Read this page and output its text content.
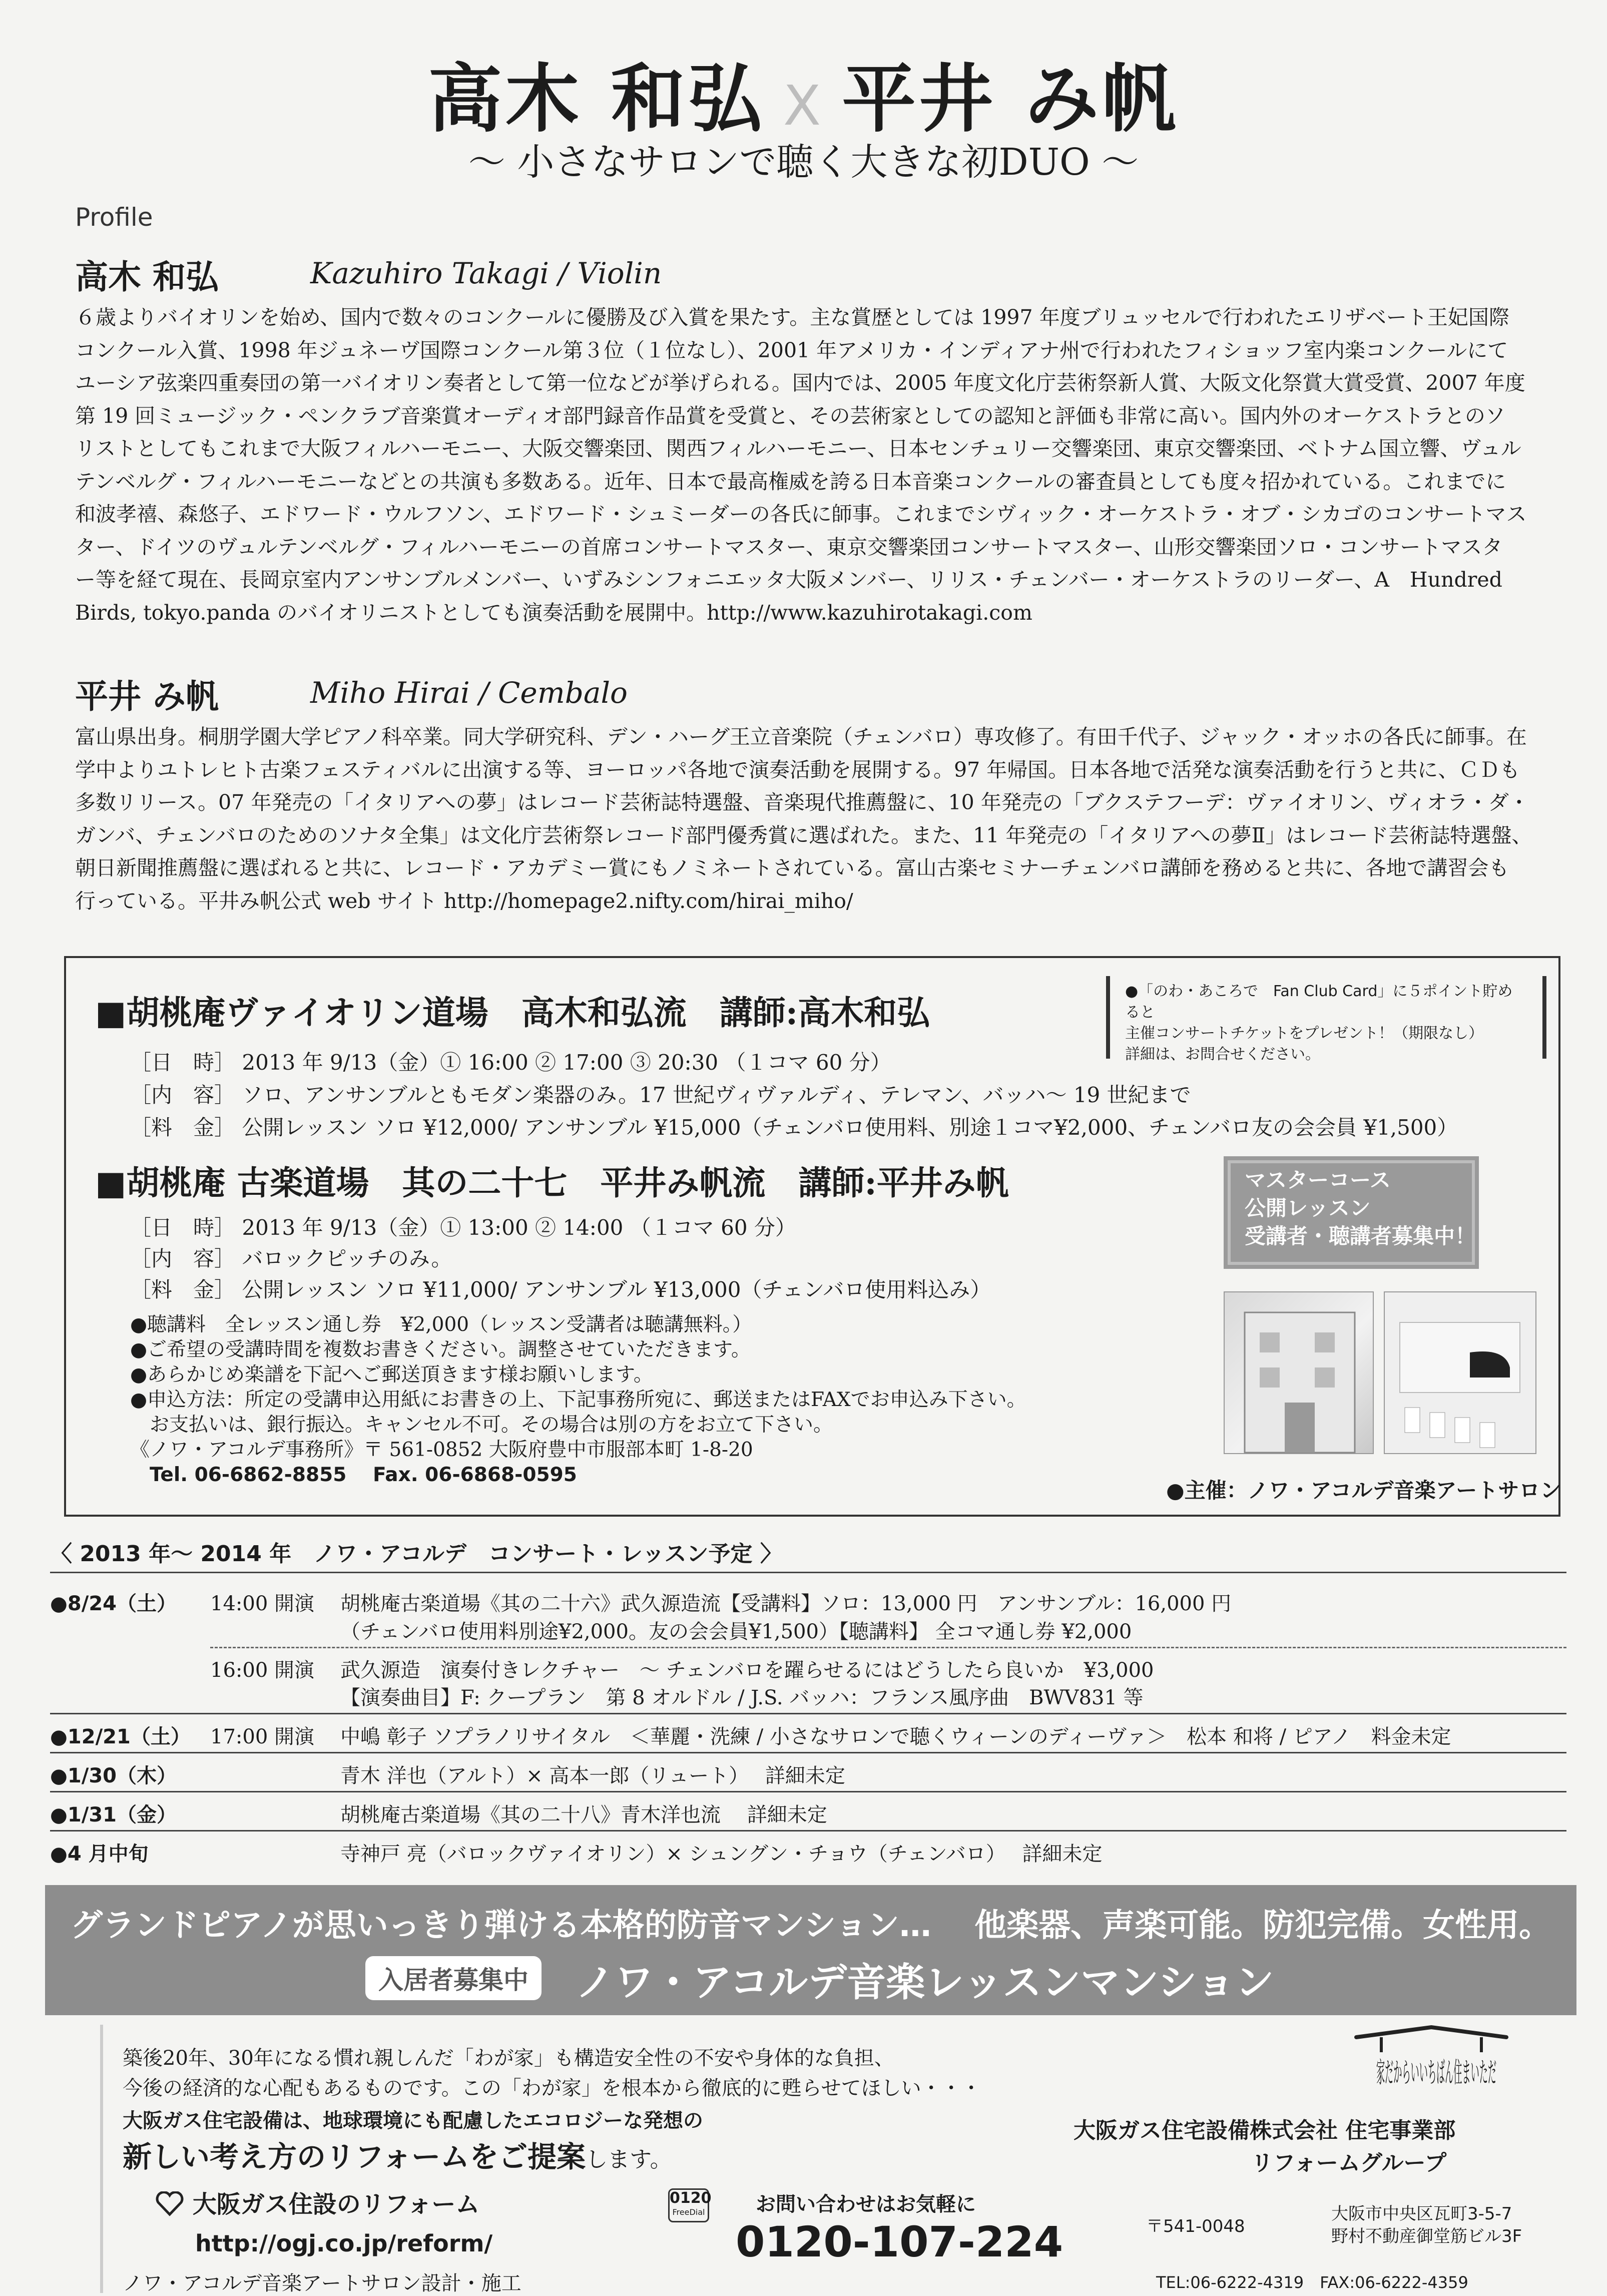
高木 和弘 X 平井 み帆
〜 小さなサロンで聴く大きな初DUO 〜
Profile
高木 和弘	Kazuhiro Takagi / Violin
６歳よりバイオリンを始め、国内で数々のコンクールに優勝及び入賞を果たす。主な賞歴としては 1997 年度ブリュッセルで行われたエリザベート王妃国際
コンクール入賞、1998 年ジュネーヴ国際コンクール第３位（１位なし）、2001 年アメリカ・インディアナ州で行われたフィショッフ室内楽コンクールにて
ユーシア弦楽四重奏団の第一バイオリン奏者として第一位などが挙げられる。国内では、2005 年度文化庁芸術祭新人賞、大阪文化祭賞大賞受賞、2007 年度
第 19 回ミュージック・ペンクラブ音楽賞オーディオ部門録音作品賞を受賞と、その芸術家としての認知と評価も非常に高い。国内外のオーケストラとのソ
リストとしてもこれまで大阪フィルハーモニー、大阪交響楽団、関西フィルハーモニー、日本センチュリー交響楽団、東京交響楽団、ベトナム国立響、ヴュル
テンベルグ・フィルハーモニーなどとの共演も多数ある。近年、日本で最高権威を誇る日本音楽コンクールの審査員としても度々招かれている。これまでに
和波孝禧、森悠子、エドワード・ウルフソン、エドワード・シュミーダーの各氏に師事。これまでシヴィック・オーケストラ・オブ・シカゴのコンサートマス
ター、ドイツのヴュルテンベルグ・フィルハーモニーの首席コンサートマスター、東京交響楽団コンサートマスター、山形交響楽団ソロ・コンサートマスタ
ー等を経て現在、長岡京室内アンサンブルメンバー、いずみシンフォニエッタ大阪メンバー、リリス・チェンバー・オーケストラのリーダー、A　Hundred
Birds, tokyo.panda のバイオリニストとしても演奏活動を展開中。http://www.kazuhirotakagi.com
平井 み帆	Miho Hirai / Cembalo
富山県出身。桐朋学園大学ピアノ科卒業。同大学研究科、デン・ハーグ王立音楽院（チェンバロ）専攻修了。有田千代子、ジャック・オッホの各氏に師事。在
学中よりユトレヒト古楽フェスティバルに出演する等、ヨーロッパ各地で演奏活動を展開する。97 年帰国。日本各地で活発な演奏活動を行うと共に、ＣＤも
多数リリース。07 年発売の「イタリアへの夢」はレコード芸術誌特選盤、音楽現代推薦盤に、10 年発売の「ブクステフーデ：ヴァイオリン、ヴィオラ・ダ・
ガンバ、チェンバロのためのソナタ全集」は文化庁芸術祭レコード部門優秀賞に選ばれた。また、11 年発売の「イタリアへの夢Ⅱ」はレコード芸術誌特選盤、
朝日新聞推薦盤に選ばれると共に、レコード・アカデミー賞にもノミネートされている。富山古楽セミナーチェンバロ講師を務めると共に、各地で講習会も
行っている。平井み帆公式 web サイト http://homepage2.nifty.com/hirai_miho/
■胡桃庵ヴァイオリン道場　高木和弘流　講師:高木和弘
［日　時］ 2013 年 9/13（金）① 16:00 ② 17:00 ③ 20:30 （１コマ 60 分）
［内　容］ ソロ、アンサンブルともモダン楽器のみ。17 世紀ヴィヴァルディ、テレマン、バッハ〜 19 世紀まで
［料　金］ 公開レッスン ソロ ¥12,000/ アンサンブル ¥15,000（チェンバロ使用料、別途１コマ¥2,000、チェンバロ友の会会員 ¥1,500）
■胡桃庵 古楽道場　其の二十七　平井み帆流　講師:平井み帆
［日　時］ 2013 年 9/13（金）① 13:00 ② 14:00 （１コマ 60 分）
［内　容］ バロックピッチのみ。
［料　金］ 公開レッスン ソロ ¥11,000/ アンサンブル ¥13,000（チェンバロ使用料込み）
●聴講料　全レッスン通し券　¥2,000（レッスン受講者は聴講無料。）
●ご希望の受講時間を複数お書きください。調整させていただきます。
●あらかじめ楽譜を下記へご郵送頂きます様お願いします。
●申込方法：所定の受講申込用紙にお書きの上、下記事務所宛に、郵送またはFAXでお申込み下さい。
　お支払いは、銀行振込。キャンセル不可。その場合は別の方をお立て下さい。
《ノワ・アコルデ事務所》〒 561-0852 大阪府豊中市服部本町 1-8-20
　Tel. 06-6862-8855　 Fax. 06-6868-0595
●「のわ・あころで　Fan Club Card」に５ポイント貯めると
主催コンサートチケットをプレゼント！（期限なし）
詳細は、お問合せください。
マスターコース
公開レッスン
受講者・聴講者募集中！
●主催：ノワ・アコルデ音楽アートサロン
〈 2013 年〜 2014 年　ノワ・アコルデ　コンサート・レッスン予定 〉
●8/24（土） 14:00 開演 胡桃庵古楽道場《其の二十六》武久源造流【受講料】ソロ：13,000 円　アンサンブル：16,000 円
（チェンバロ使用料別途¥2,000。友の会会員¥1,500）【聴講料】 全コマ通し券 ¥2,000
16:00 開演 武久源造　演奏付きレクチャー　〜 チェンバロを躍らせるにはどうしたら良いか　¥3,000
【演奏曲目】F: クープラン　第 8 オルドル / J.S. バッハ：フランス風序曲　BWV831 等
●12/21（土） 17:00 開演 中嶋 彰子 ソプラノリサイタル　＜華麗・洗練 / 小さなサロンで聴くウィーンのディーヴァ＞　松本 和将 / ピアノ　料金未定
●1/30（木）	青木 洋也（アルト）× 高本一郎（リュート）　 詳細未定
●1/31（金）	胡桃庵古楽道場《其の二十八》青木洋也流　 詳細未定
●4 月中旬	寺神戸 亮（バロックヴァイオリン）× シュングン・チョウ（チェンバロ）　 詳細未定
グランドピアノが思いっきり弾ける本格的防音マンション…　 他楽器、声楽可能。防犯完備。女性用。
入居者募集中	ノワ・アコルデ音楽レッスンマンション
築後20年、30年になる慣れ親しんだ「わが家」も構造安全性の不安や身体的な負担、
今後の経済的な心配もあるものです。この「わが家」を根本から徹底的に甦らせてほしい・・・
大阪ガス住宅設備は、地球環境にも配慮したエコロジーな発想の
新しい考え方のリフォームをご提案します。
大阪ガス住設のリフォーム
http://ogj.co.jp/reform/
ノワ・アコルデ音楽アートサロン設計・施工
0120
FreeDial	お問い合わせはお気軽に
0120-107-224
大阪ガス住宅設備株式会社 住宅事業部
リフォームグループ
〒541-0048
大阪市中央区瓦町3-5-7
野村不動産御堂筋ビル3F
TEL:06-6222-4319　FAX:06-6222-4359
家だからいいちばん住まいただ
